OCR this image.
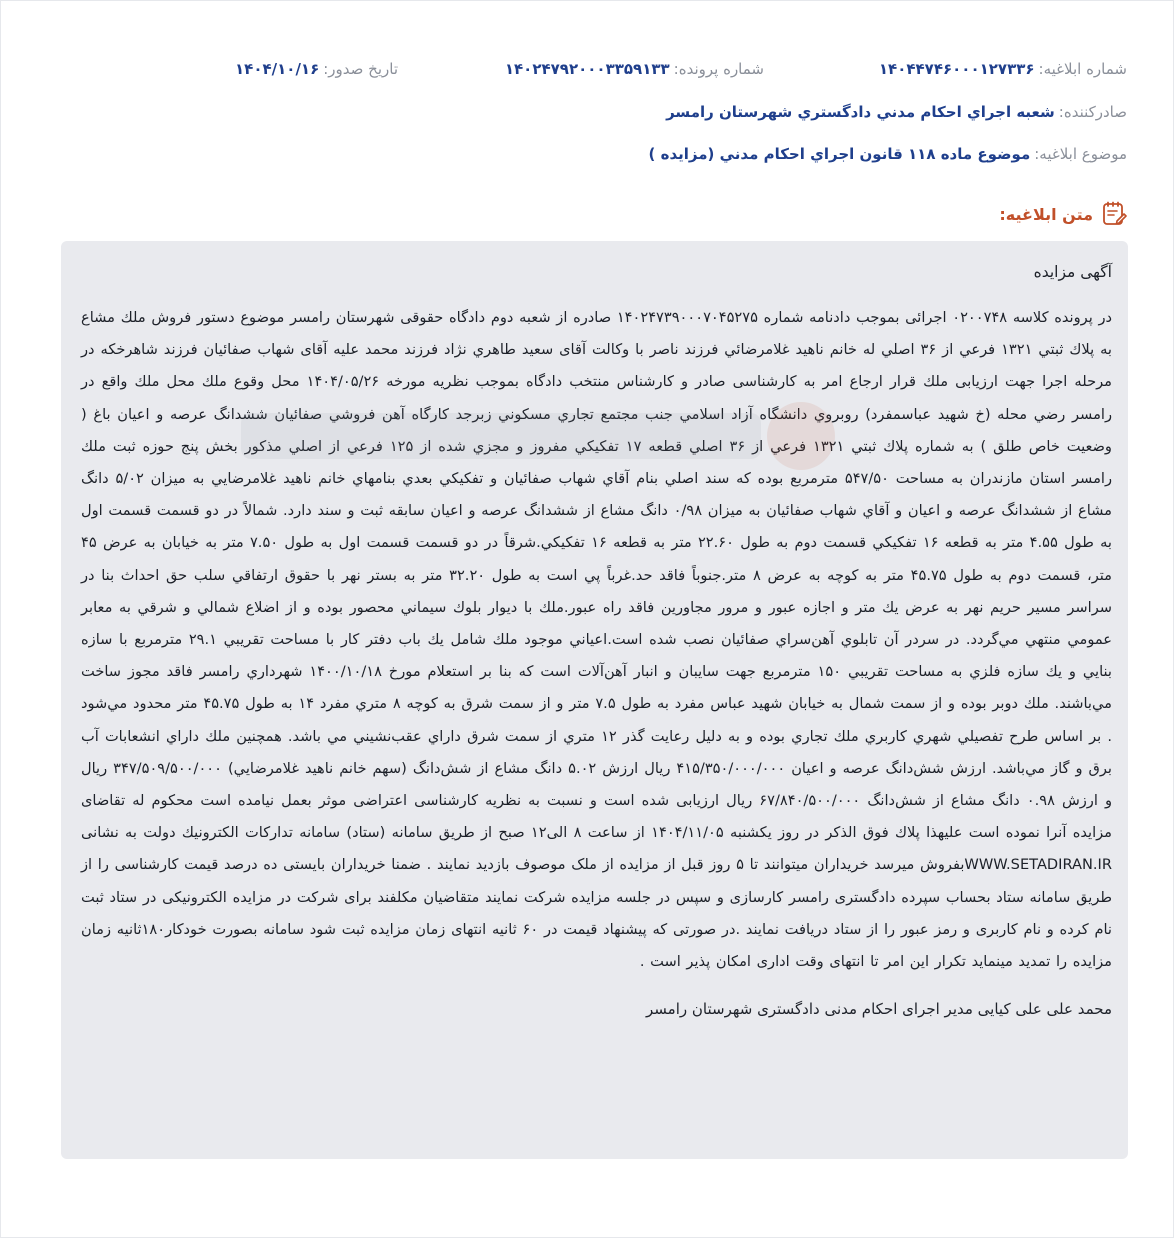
شماره ابلاغیه:
۱۴۰۴۴۷۴۶۰۰۰۱۲۷۳۳۶
شماره پرونده:
۱۴۰۲۴۷۹۲۰۰۰۳۳۵۹۱۳۳
تاریخ صدور:
۱۴۰۴/۱۰/۱۶
صادرکننده:
شعبه اجراي احكام مدني دادگستري شهرستان رامسر
موضوع ابلاغیه:
موضوع ماده ۱۱۸ قانون اجراي احكام مدني (مزايده )
متن ابلاغیه:

آگهی مزایده

در پرونده كلاسه ۰۲۰۰۷۴۸ اجرائی بموجب دادنامه شماره ۱۴۰۲۴۷۳۹۰۰۰۷۰۴۵۲۷۵ صادره از شعبه دوم دادگاه حقوقی شهرستان رامسر موضوع دستور فروش ملك مشاع به پلاك ثبتي ۱۳۲۱ فرعي از ۳۶ اصلي له خانم ناهيد غلامرضائي فرزند ناصر با وكالت آقای سعيد طاهري نژاد فرزند محمد عليه آقای شهاب صفائيان فرزند شاهرخكه در مرحله اجرا جهت ارزيابی ملك قرار ارجاع امر به كارشناسی صادر و كارشناس منتخب دادگاه بموجب نظريه مورخه ۱۴۰۴/۰۵/۲۶ محل وقوع ملك محل ملك واقع در رامسر رضي محله (خ شهيد عباسمفرد) روبروي دانشگاه آزاد اسلامي جنب مجتمع تجاري مسكوني زبرجد كارگاه آهن فروشي صفائيان ششدانگ عرصه و اعيان باغ ( وضعيت خاص طلق ) به شماره پلاك ثبتي ۱۳۲۱ فرعي از ۳۶ اصلي قطعه ۱۷ تفكيكي مفروز و مجزي شده از ۱۲۵ فرعي از اصلي مذكور بخش پنج حوزه ثبت ملك رامسر استان مازندران به مساحت ۵۴۷/۵۰ مترمربع بوده كه سند اصلي بنام آقاي شهاب صفائيان و تفكيكي بعدي بنامهاي خانم ناهيد غلامرضايي به ميزان ۵/۰۲ دانگ مشاع از ششدانگ عرصه و اعيان و آقاي شهاب صفائيان به ميزان ۰/۹۸ دانگ مشاع از ششدانگ عرصه و اعيان سابقه ثبت و سند دارد. شمالاً در دو قسمت قسمت اول به طول ۴.۵۵ متر به قطعه ۱۶ تفكيكي قسمت دوم به طول ۲۲.۶۰ متر به قطعه ۱۶ تفكيكي.شرقاً در دو قسمت قسمت اول به طول ۷.۵۰ متر به خيابان به عرض ۴۵ متر، قسمت دوم به طول ۴۵.۷۵ متر به كوچه به عرض ۸ متر.جنوباً فاقد حد.غرباً پي است به طول ۳۲.۲۰ متر به بستر نهر با حقوق ارتفاقي سلب حق احداث بنا در سراسر مسير حريم نهر به عرض يك متر و اجازه عبور و مرور مجاورين فاقد راه عبور.ملك با ديوار بلوك سيماني محصور بوده و از اضلاع شمالي و شرقي به معابر عمومي منتهي مي‌گردد. در سردر آن تابلوي آهن‌سراي صفائيان نصب شده است.اعياني موجود ملك شامل يك باب دفتر كار با مساحت تقريبي ۲۹.۱ مترمربع با سازه بنايي و يك سازه فلزي به مساحت تقريبي ۱۵۰ مترمربع جهت سايبان و انبار آهن‌آلات است كه بنا بر استعلام مورخ ۱۴۰۰/۱۰/۱۸ شهرداري رامسر فاقد مجوز ساخت مي‌باشند. ملك دوبر بوده و از سمت شمال به خيابان شهيد عباس مفرد به طول ۷.۵ متر و از سمت شرق به كوچه ۸ متري مفرد ۱۴ به طول ۴۵.۷۵ متر محدود مي‌شود . بر اساس طرح تفصيلي شهري كاربري ملك تجاري بوده و به دليل رعايت گذر ۱۲ متري از سمت شرق داراي عقب‌نشيني مي باشد. همچنين ملك داراي انشعابات آب برق و گاز مي‌باشد. ارزش شش‌دانگ عرصه و اعيان ۴۱۵/۳۵۰/۰۰۰/۰۰۰ ريال ارزش ۵.۰۲ دانگ مشاع از شش‌دانگ (سهم خانم ناهيد غلامرضايي) ۳۴۷/۵۰۹/۵۰۰/۰۰۰ ريال و ارزش ۰.۹۸ دانگ مشاع از شش‌دانگ ۶۷/۸۴۰/۵۰۰/۰۰۰ ريال ارزيابی شده است و نسبت به نظريه كارشناسی اعتراضی موثر بعمل نيامده است محكوم له تقاضای مزايده آنرا نموده است عليهذا پلاك فوق الذكر در روز يكشنبه ۱۴۰۴/۱۱/۰۵ از ساعت ۸ الی۱۲ صبح از طريق سامانه (ستاد) سامانه تداركات الكترونيك دولت به نشانی WWW.SETADIRAN.IRبفروش ميرسد خريداران ميتوانند تا ۵ روز قبل از مزايده از ملک موصوف بازدید نمایند . ضمنا خريداران بايستی ده درصد قيمت كارشناسی را از طريق سامانه ستاد بحساب سپرده دادگستری رامسر كارسازی و سپس در جلسه مزايده شركت نمايند متقاضيان مكلفند برای شركت در مزايده الكترونيكی در ستاد ثبت نام كرده و نام كاربری و رمز عبور را از ستاد دريافت نمايند .در صورتی كه پيشنهاد قيمت در ۶۰ ثانيه انتهای زمان مزايده ثبت شود سامانه بصورت خودكار۱۸۰ثانيه زمان مزايده را تمديد مينمايد تكرار اين امر تا انتهای وقت اداری امكان پذير است .

محمد علی علی كيايی مدير اجرای احكام مدنی دادگستری شهرستان رامسر
